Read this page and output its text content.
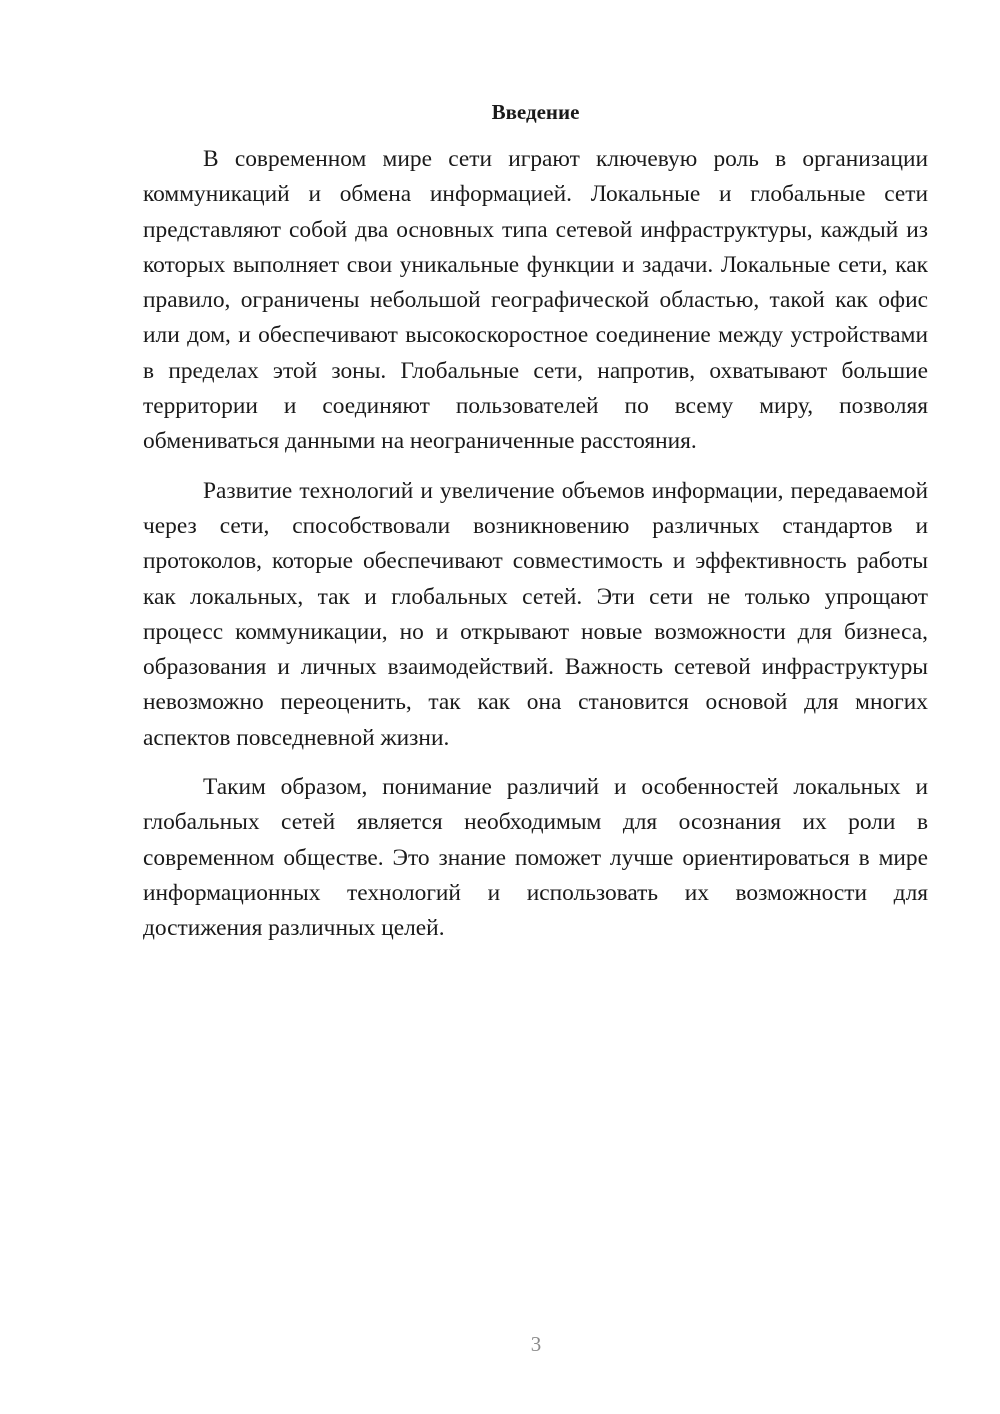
Введение

В современном мире сети играют ключевую роль в организации коммуникаций и обмена информацией. Локальные и глобальные сети представляют собой два основных типа сетевой инфраструктуры, каждый из которых выполняет свои уникальные функции и задачи. Локальные сети, как правило, ограничены небольшой географической областью, такой как офис или дом, и обеспечивают высокоскоростное соединение между устройствами в пределах этой зоны. Глобальные сети, напротив, охватывают большие территории и соединяют пользователей по всему миру, позволяя обмениваться данными на неограниченные расстояния.

Развитие технологий и увеличение объемов информации, передаваемой через сети, способствовали возникновению различных стандартов и протоколов, которые обеспечивают совместимость и эффективность работы как локальных, так и глобальных сетей. Эти сети не только упрощают процесс коммуникации, но и открывают новые возможности для бизнеса, образования и личных взаимодействий. Важность сетевой инфраструктуры невозможно переоценить, так как она становится основой для многих аспектов повседневной жизни.

Таким образом, понимание различий и особенностей локальных и глобальных сетей является необходимым для осознания их роли в современном обществе. Это знание поможет лучше ориентироваться в мире информационных технологий и использовать их возможности для достижения различных целей.

3
